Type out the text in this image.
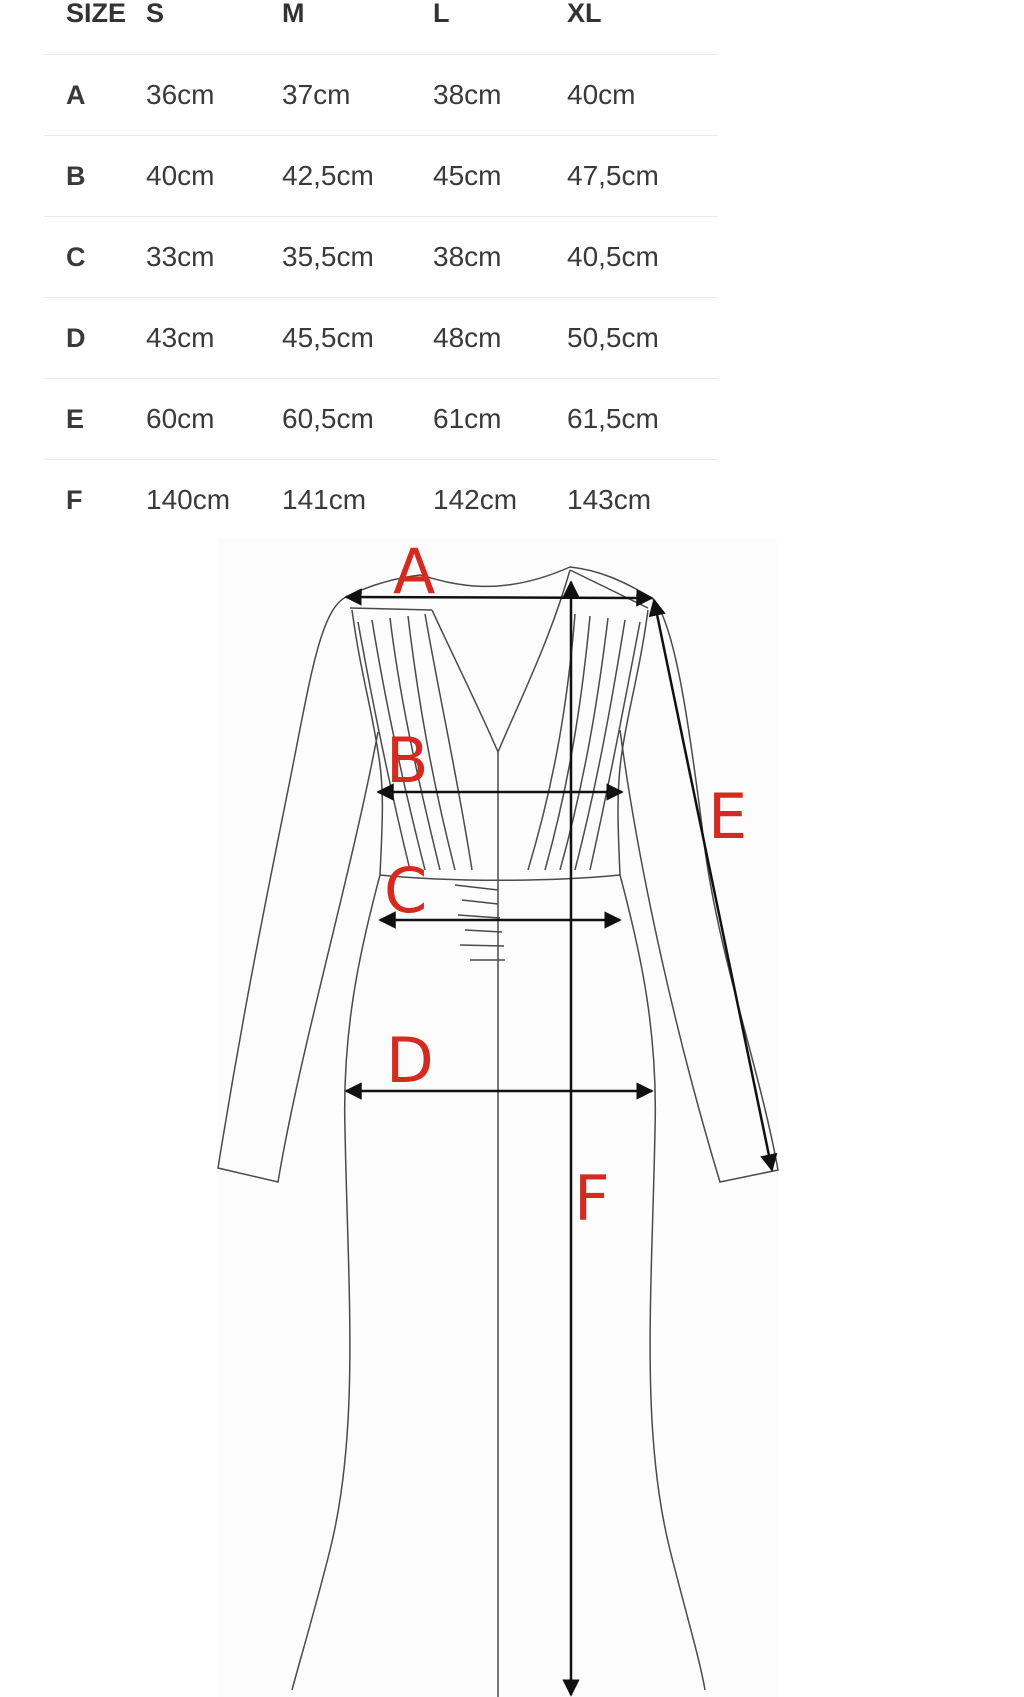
SIZE	S	M	L	XL
A	36cm	37cm	38cm	40cm
B	40cm	42,5cm	45cm	47,5cm
C	33cm	35,5cm	38cm	40,5cm
D	43cm	45,5cm	48cm	50,5cm
E	60cm	60,5cm	61cm	61,5cm
F	140cm	141cm	142cm	143cm
A
B
C
D
E
F
